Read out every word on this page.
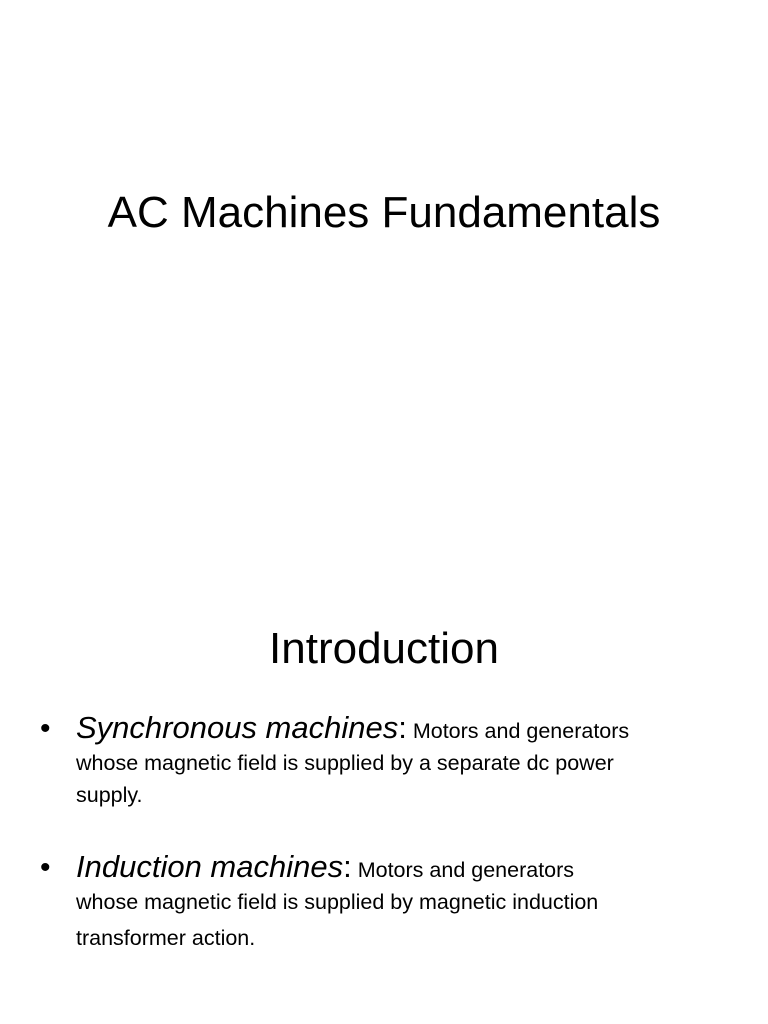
AC Machines Fundamentals
Introduction
• Synchronous machines: Motors and generators
whose magnetic field is supplied by a separate dc power
supply.
• Induction machines: Motors and generators
whose magnetic field is supplied by magnetic induction
transformer action.
